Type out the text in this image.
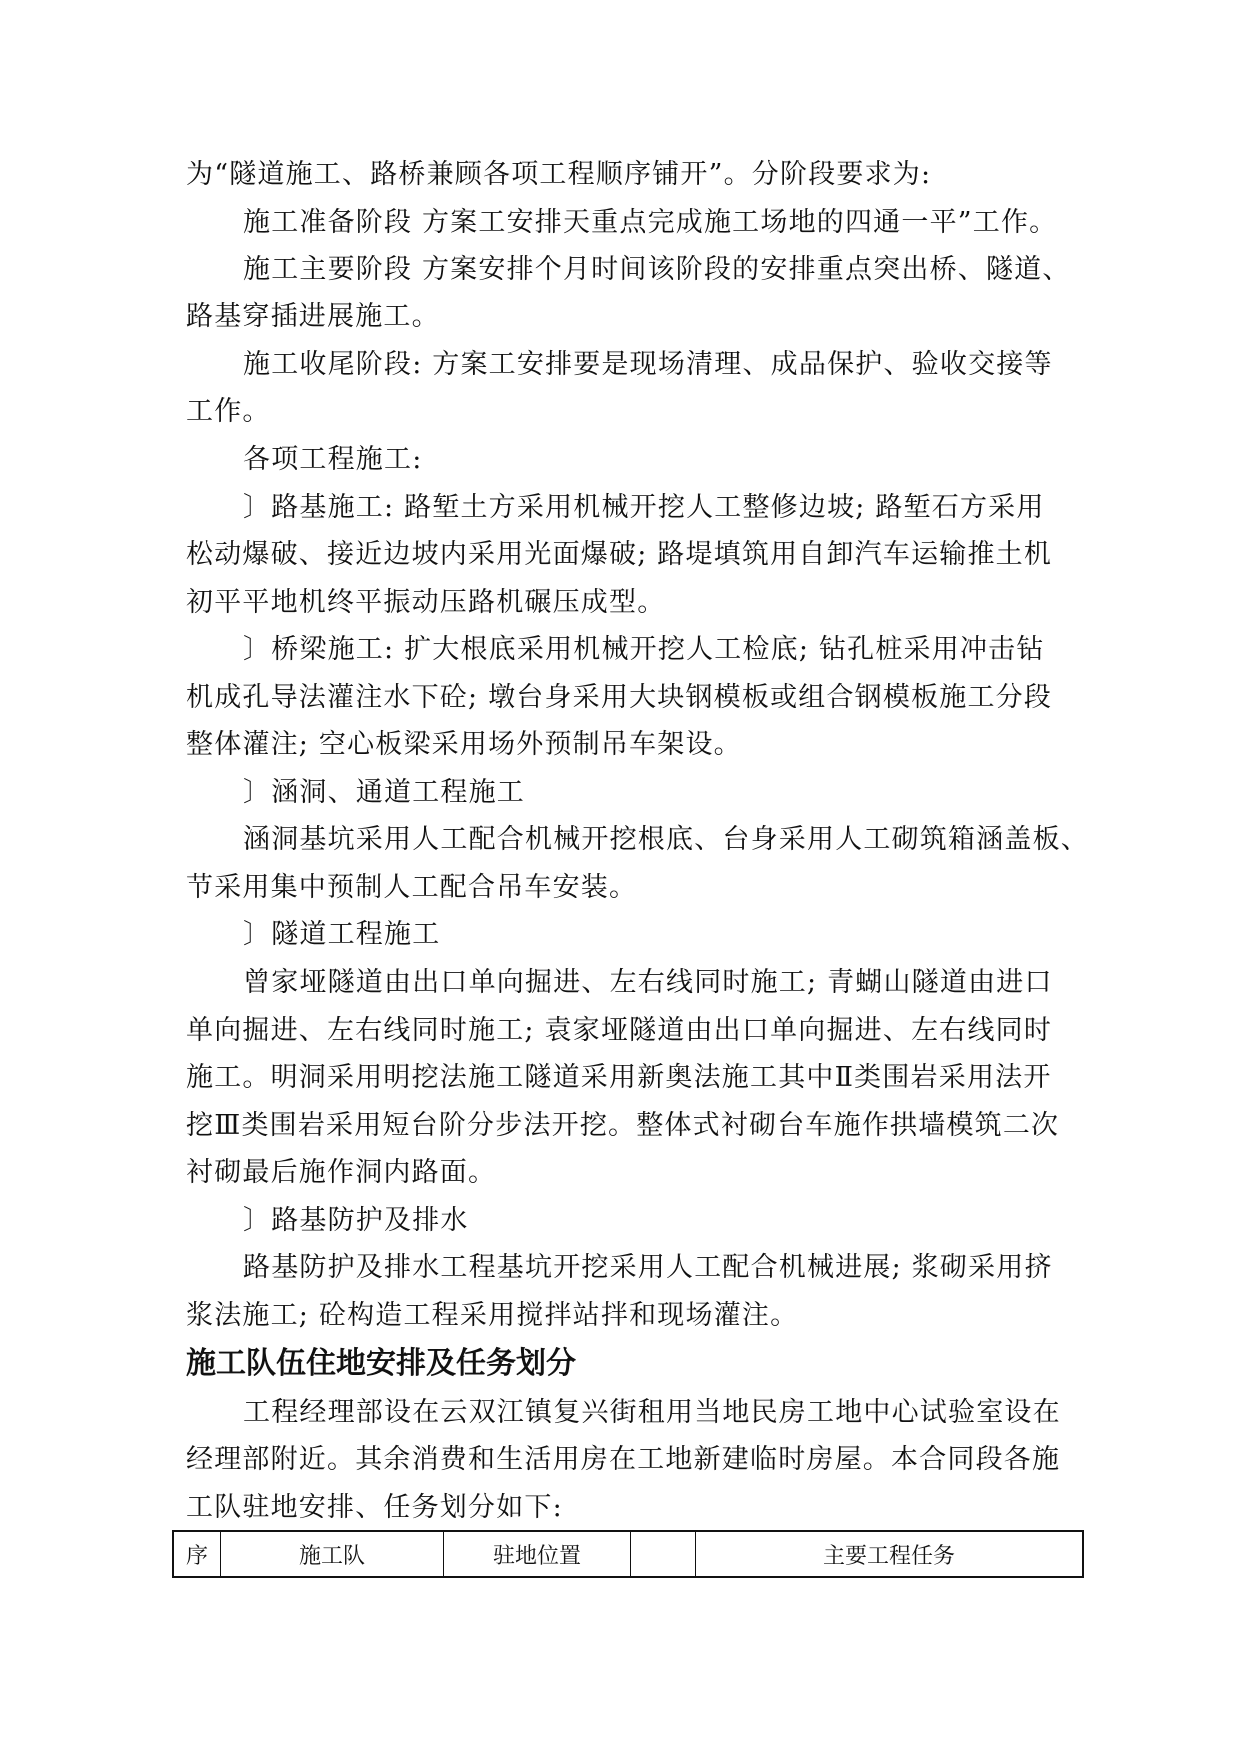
为“隧道施工、路桥兼顾各项工程顺序铺开”。分阶段要求为:
施工准备阶段 方案工安排天重点完成施工场地的四通一平”工作。
施工主要阶段 方案安排个月时间该阶段的安排重点突出桥、隧道、
路基穿插进展施工。
施工收尾阶段: 方案工安排要是现场清理、成品保护、验收交接等
工作。
各项工程施工:
〕路基施工: 路堑土方采用机械开挖人工整修边坡; 路堑石方采用
松动爆破、接近边坡内采用光面爆破; 路堤填筑用自卸汽车运输推土机
初平平地机终平振动压路机碾压成型。
〕桥梁施工: 扩大根底采用机械开挖人工检底; 钻孔桩采用冲击钻
机成孔导法灌注水下砼; 墩台身采用大块钢模板或组合钢模板施工分段
整体灌注; 空心板梁采用场外预制吊车架设。
〕涵洞、通道工程施工
涵洞基坑采用人工配合机械开挖根底、台身采用人工砌筑箱涵盖板、
节采用集中预制人工配合吊车安装。
〕隧道工程施工
曾家垭隧道由出口单向掘进、左右线同时施工; 青蝴山隧道由进口
单向掘进、左右线同时施工; 袁家垭隧道由出口单向掘进、左右线同时
施工。明洞采用明挖法施工隧道采用新奥法施工其中Ⅱ类围岩采用法开
挖Ⅲ类围岩采用短台阶分步法开挖。整体式衬砌台车施作拱墙模筑二次
衬砌最后施作洞内路面。
〕路基防护及排水
路基防护及排水工程基坑开挖采用人工配合机械进展; 浆砌采用挤
浆法施工; 砼构造工程采用搅拌站拌和现场灌注。
施工队伍住地安排及任务划分
工程经理部设在云双江镇复兴街租用当地民房工地中心试验室设在
经理部附近。其余消费和生活用房在工地新建临时房屋。本合同段各施
工队驻地安排、任务划分如下:
序	施工队	驻地位置		主要工程任务
